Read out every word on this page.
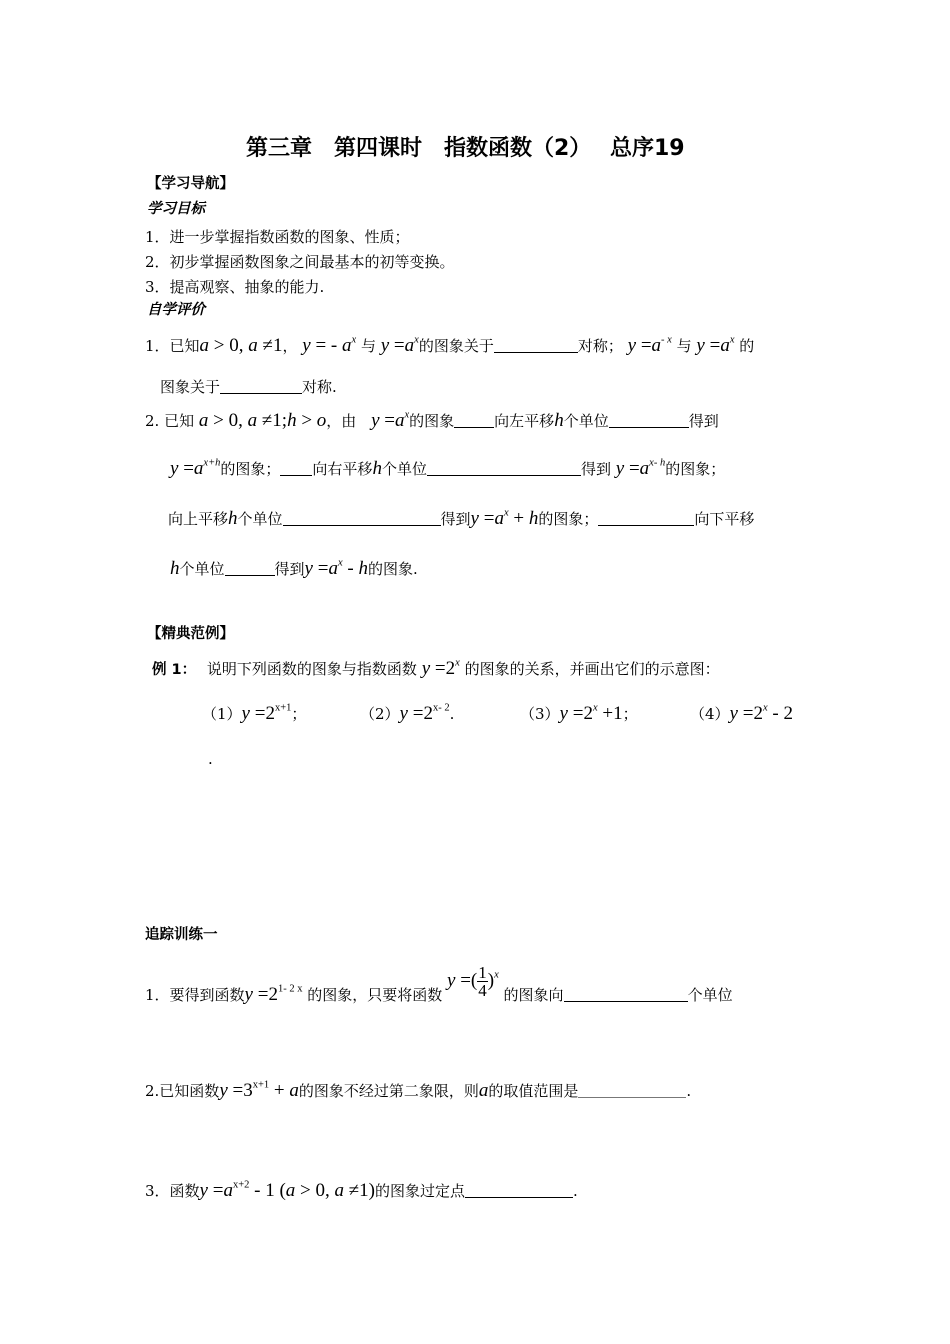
第三章　第四课时　指数函数（2）　 总序19
【学习导航】
学习目标
1．进一步掌握指数函数的图象、性质；
2．初步掌握函数图象之间最基本的初等变换。
3．提高观察、抽象的能力.
自学评价
1．已知a > 0, a ≠1， y = - $a^x$ 与 $y =a^x$的图象关于	对称； $y =a^{- x}$ 与 $y =a^x$ 的
图象关于	对称.
2. 已知 a > 0, a ≠1;h > o，由 $y =a^x$的图象	向左平移h个单位	得到
$y =a^{x+h}$的图象； 向右平移h个单位	得到 $y =a^{x- h}$的图象；
向上平移h个单位	得到$y =a^x + h$的图象；	向下平移
h个单位	得到$y =a^x - h$的图象.
【精典范例】
例 1： 说明下列函数的图象与指数函数 $y =2^x$ 的图象的关系，并画出它们的示意图：
$(1)y =2^{x+1}$；	$(2)y =2^{x- 2}$.	$(3)y =2^x +1$；	$(4)y =2^x - 2$
.
追踪训练一
1．要得到函数$y =2^{1- 2 x}$ 的图象，只要将函数 y =( $\frac{1}{4} )^x$ 的图象向	个单位
2.已知函数$y =3^{x+1} + a$的图象不经过第二象限，则a的取值范围是	.
3．函数$y =a^{x+2} - 1$ (a > 0, a ≠1)的图象过定点	.
